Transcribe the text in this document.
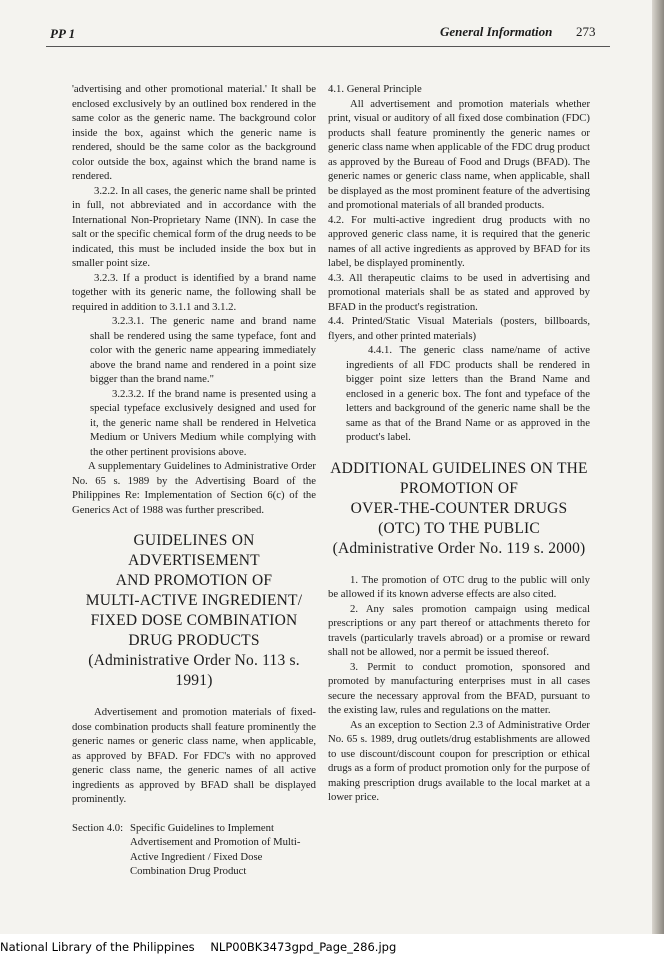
PP 1	General Information 273

'advertising and other promotional material.' It shall be enclosed exclusively by an outlined box rendered in the same color as the generic name. The background color inside the box, against which the generic name is rendered, should be the same color as the background color outside the box, against which the brand name is rendered.

3.2.2. In all cases, the generic name shall be printed in full, not abbreviated and in accordance with the International Non-Proprietary Name (INN). In case the salt or the specific chemical form of the drug needs to be indicated, this must be included inside the box but in smaller point size.

3.2.3. If a product is identified by a brand name together with its generic name, the following shall be required in addition to 3.1.1 and 3.1.2.

3.2.3.1. The generic name and brand name shall be rendered using the same typeface, font and color with the generic name appearing immediately above the brand name and rendered in a point size bigger than the brand name."

3.2.3.2. If the brand name is presented using a special typeface exclusively designed and used for it, the generic name shall be rendered in Helvetica Medium or Univers Medium while complying with the other pertinent provisions above.

A supplementary Guidelines to Administrative Order No. 65 s. 1989 by the Advertising Board of the Philippines Re: Implementation of Section 6(c) of the Generics Act of 1988 was further prescribed.

GUIDELINES ON ADVERTISEMENT
AND PROMOTION OF
MULTI-ACTIVE INGREDIENT/
FIXED DOSE COMBINATION
DRUG PRODUCTS
(Administrative Order No. 113 s. 1991)

Advertisement and promotion materials of fixed-dose combination products shall feature prominently the generic names or generic class name, when applicable, as approved by BFAD. For FDC's with no approved generic class name, the generic names of all active ingredients as approved by BFAD shall be displayed prominently.

Section 4.0: Specific Guidelines to Implement Advertisement and Promotion of Multi-Active Ingredient / Fixed Dose Combination Drug Product

4.1. General Principle

All advertisement and promotion materials whether print, visual or auditory of all fixed dose combination (FDC) products shall feature prominently the generic names or generic class name when applicable of the FDC drug product as approved by the Bureau of Food and Drugs (BFAD). The generic names or generic class name, when applicable, shall be displayed as the most prominent feature of the advertising and promotional materials of all branded products.

4.2. For multi-active ingredient drug products with no approved generic class name, it is required that the generic names of all active ingredients as approved by BFAD for its label, be displayed prominently.

4.3. All therapeutic claims to be used in advertising and promotional materials shall be as stated and approved by BFAD in the product's registration.

4.4. Printed/Static Visual Materials (posters, billboards, flyers, and other printed materials)

4.4.1. The generic class name/name of active ingredients of all FDC products shall be rendered in bigger point size letters than the Brand Name and enclosed in a generic box. The font and typeface of the letters and background of the generic name shall be the same as that of the Brand Name or as approved in the product's label.

ADDITIONAL GUIDELINES ON THE
PROMOTION OF
OVER-THE-COUNTER DRUGS
(OTC) TO THE PUBLIC
(Administrative Order No. 119 s. 2000)

1. The promotion of OTC drug to the public will only be allowed if its known adverse effects are also cited.

2. Any sales promotion campaign using medical prescriptions or any part thereof or attachments thereto for travels (particularly travels abroad) or a promise or reward shall not be allowed, nor a permit be issued thereof.

3. Permit to conduct promotion, sponsored and promoted by manufacturing enterprises must in all cases secure the necessary approval from the BFAD, pursuant to the existing law, rules and regulations on the matter.

As an exception to Section 2.3 of Administrative Order No. 65 s. 1989, drug outlets/drug establishments are allowed to use discount/discount coupon for prescription or ethical drugs as a form of product promotion only for the purpose of making prescription drugs available to the local market at a lower price.

National Library of the Philippines NLP00BK3473gpd_Page_286.jpg
